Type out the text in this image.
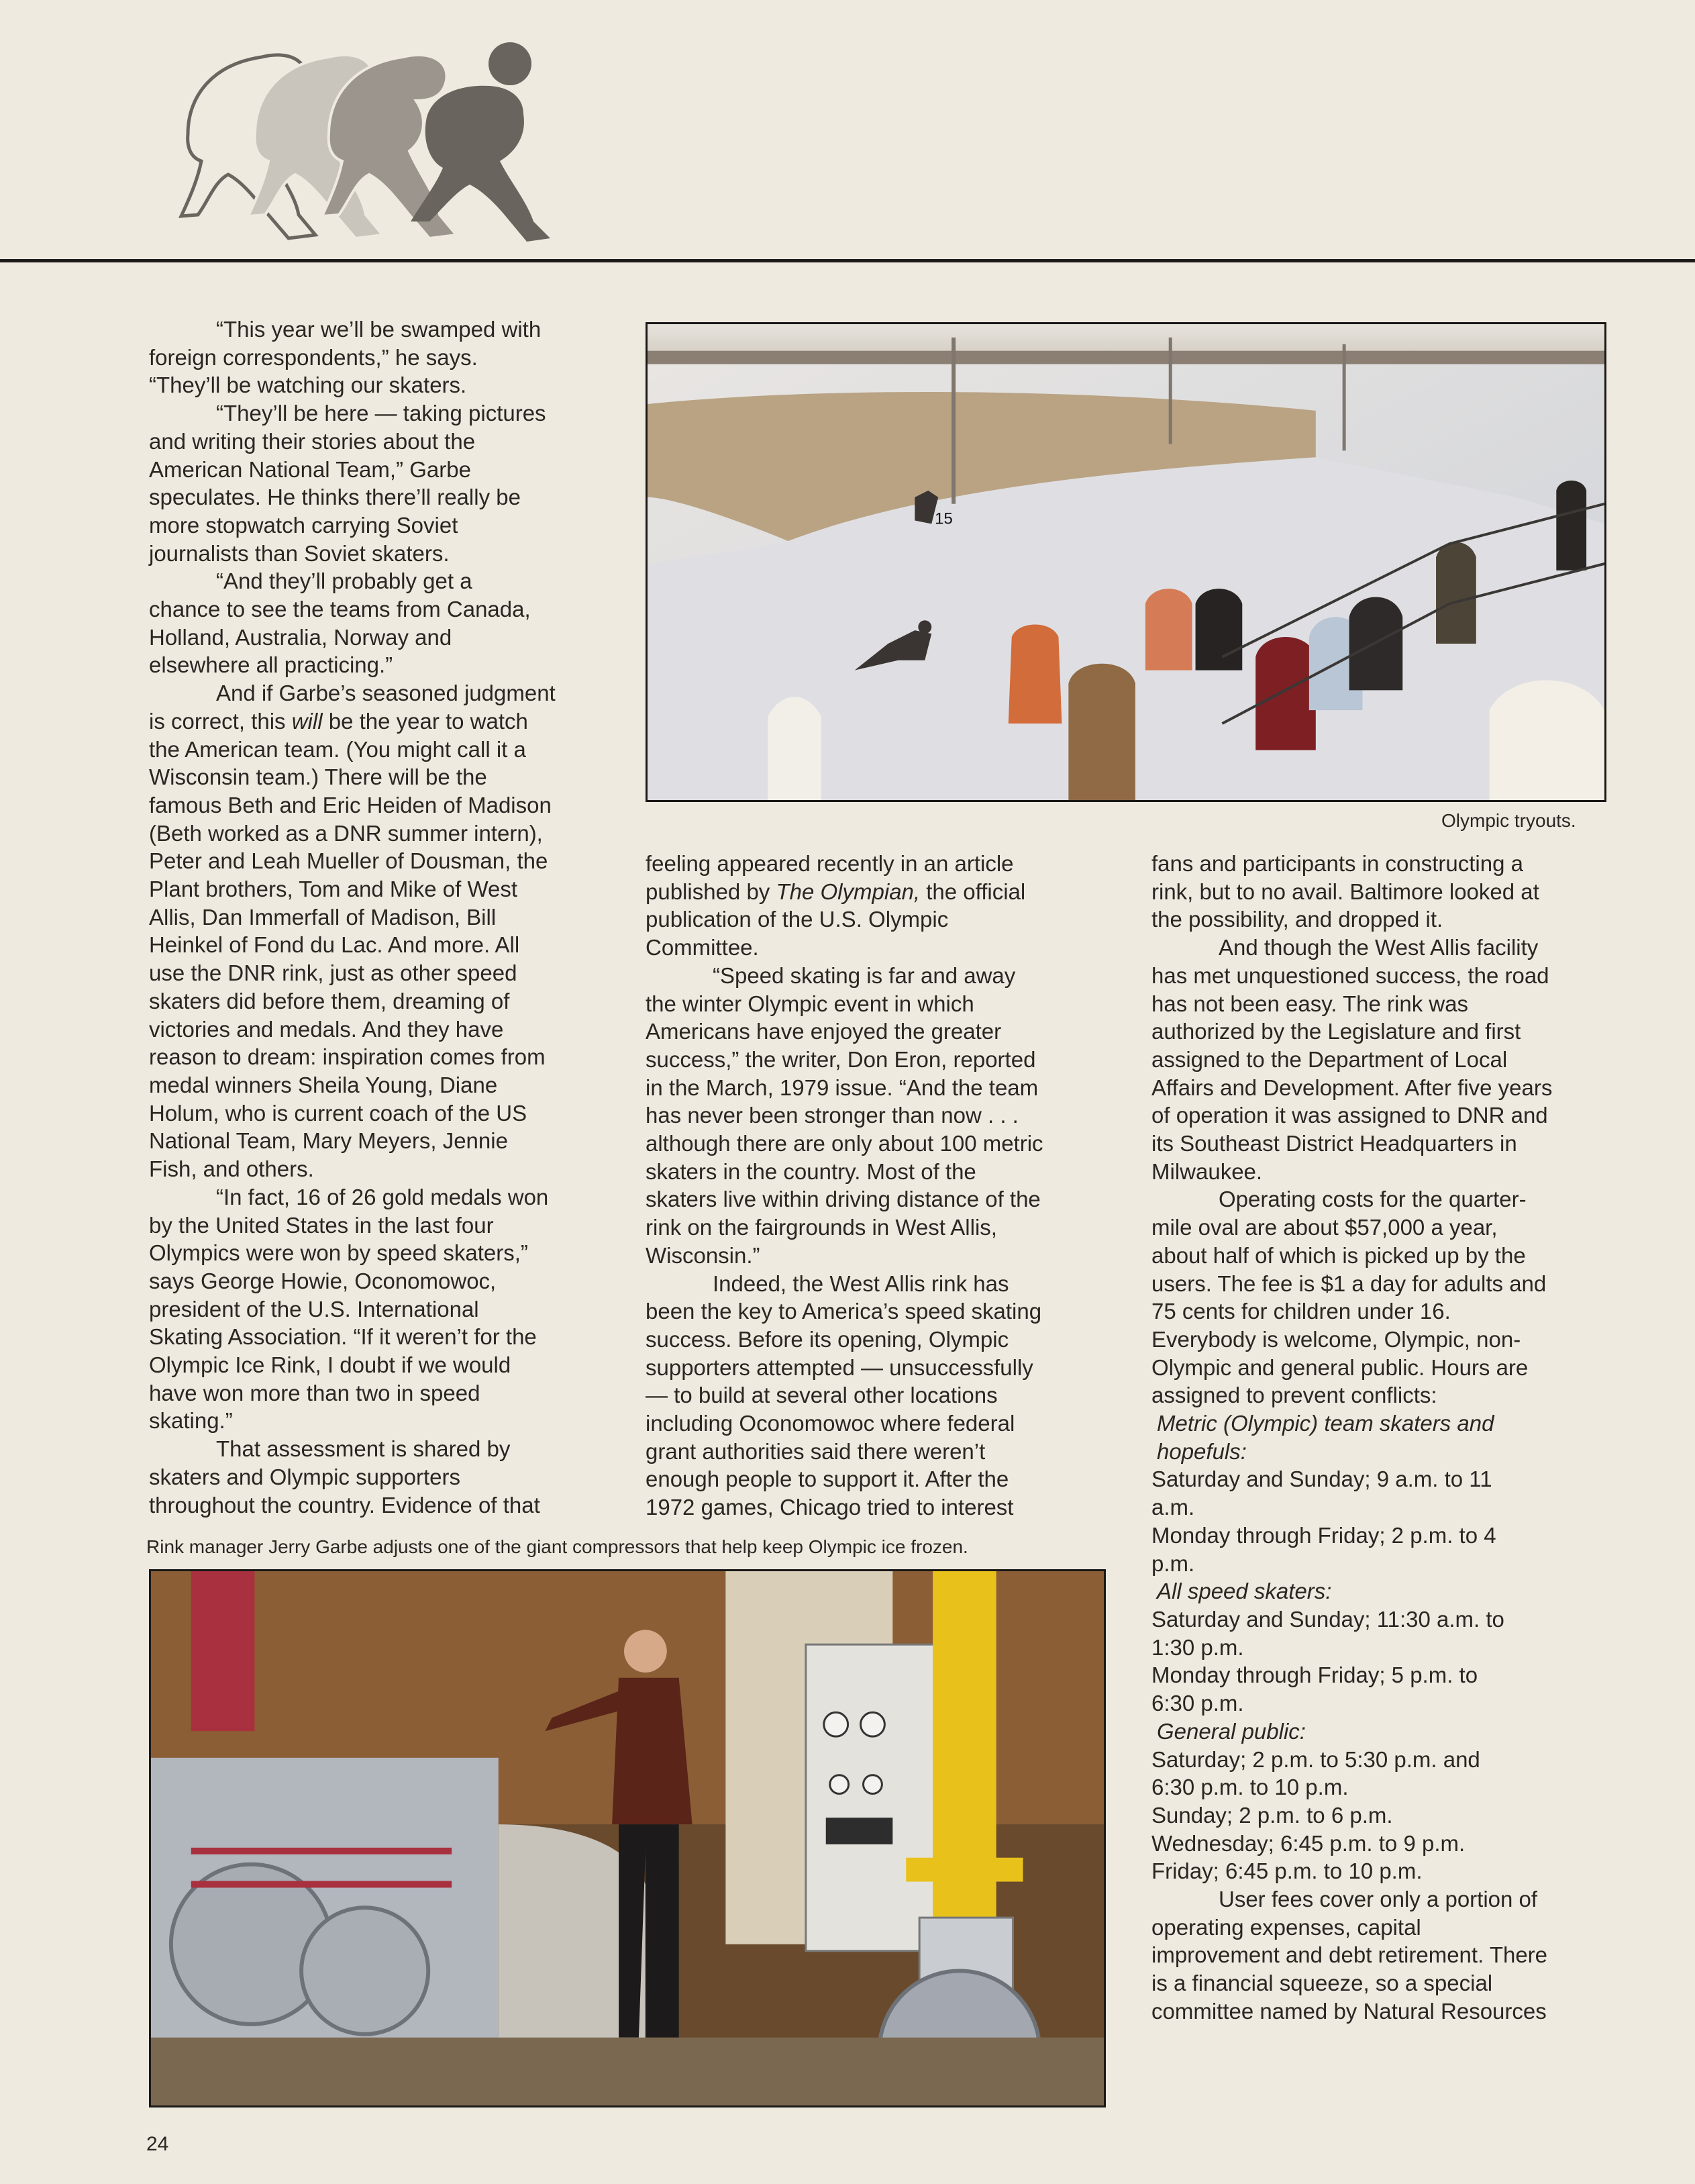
“This year we’ll be swamped with

foreign correspondents,” he says.

“They’ll be watching our skaters.

“They’ll be here — taking pictures

and writing their stories about the

American National Team,” Garbe

speculates. He thinks there’ll really be

more stopwatch carrying Soviet

journalists than Soviet skaters.

“And they’ll probably get a

chance to see the teams from Canada,

Holland, Australia, Norway and

elsewhere all practicing.”

And if Garbe’s seasoned judgment

is correct, this will be the year to watch

the American team. (You might call it a

Wisconsin team.) There will be the

famous Beth and Eric Heiden of Madison

(Beth worked as a DNR summer intern),

Peter and Leah Mueller of Dousman, the

Plant brothers, Tom and Mike of West

Allis, Dan Immerfall of Madison, Bill

Heinkel of Fond du Lac. And more. All

use the DNR rink, just as other speed

skaters did before them, dreaming of

victories and medals. And they have

reason to dream: inspiration comes from

medal winners Sheila Young, Diane

Holum, who is current coach of the US

National Team, Mary Meyers, Jennie

Fish, and others.

“In fact, 16 of 26 gold medals won

by the United States in the last four

Olympics were won by speed skaters,”

says George Howie, Oconomowoc,

president of the U.S. International

Skating Association. “If it weren’t for the

Olympic Ice Rink, I doubt if we would

have won more than two in speed

skating.”

That assessment is shared by

skaters and Olympic supporters

throughout the country. Evidence of that

15
Olympic tryouts.

feeling appeared recently in an article

published by The Olympian, the official

publication of the U.S. Olympic

Committee.

“Speed skating is far and away

the winter Olympic event in which

Americans have enjoyed the greater

success,” the writer, Don Eron, reported

in the March, 1979 issue. “And the team

has never been stronger than now . . .

although there are only about 100 metric

skaters in the country. Most of the

skaters live within driving distance of the

rink on the fairgrounds in West Allis,

Wisconsin.”

Indeed, the West Allis rink has

been the key to America’s speed skating

success. Before its opening, Olympic

supporters attempted — unsuccessfully

— to build at several other locations

including Oconomowoc where federal

grant authorities said there weren’t

enough people to support it. After the

1972 games, Chicago tried to interest

fans and participants in constructing a

rink, but to no avail. Baltimore looked at

the possibility, and dropped it.

And though the West Allis facility

has met unquestioned success, the road

has not been easy. The rink was

authorized by the Legislature and first

assigned to the Department of Local

Affairs and Development. After five years

of operation it was assigned to DNR and

its Southeast District Headquarters in

Milwaukee.

Operating costs for the quarter-

mile oval are about $57,000 a year,

about half of which is picked up by the

users. The fee is $1 a day for adults and

75 cents for children under 16.

Everybody is welcome, Olympic, non-

Olympic and general public. Hours are

assigned to prevent conflicts:

Metric (Olympic) team skaters and

hopefuls:

Saturday and Sunday; 9 a.m. to 11

a.m.

Monday through Friday; 2 p.m. to 4

p.m.

All speed skaters:

Saturday and Sunday; 11:30 a.m. to

1:30 p.m.

Monday through Friday; 5 p.m. to

6:30 p.m.

General public:

Saturday; 2 p.m. to 5:30 p.m. and

6:30 p.m. to 10 p.m.

Sunday; 2 p.m. to 6 p.m.

Wednesday; 6:45 p.m. to 9 p.m.

Friday; 6:45 p.m. to 10 p.m.

User fees cover only a portion of

operating expenses, capital

improvement and debt retirement. There

is a financial squeeze, so a special

committee named by Natural Resources

Rink manager Jerry Garbe adjusts one of the giant compressors that help keep Olympic ice frozen.
24
